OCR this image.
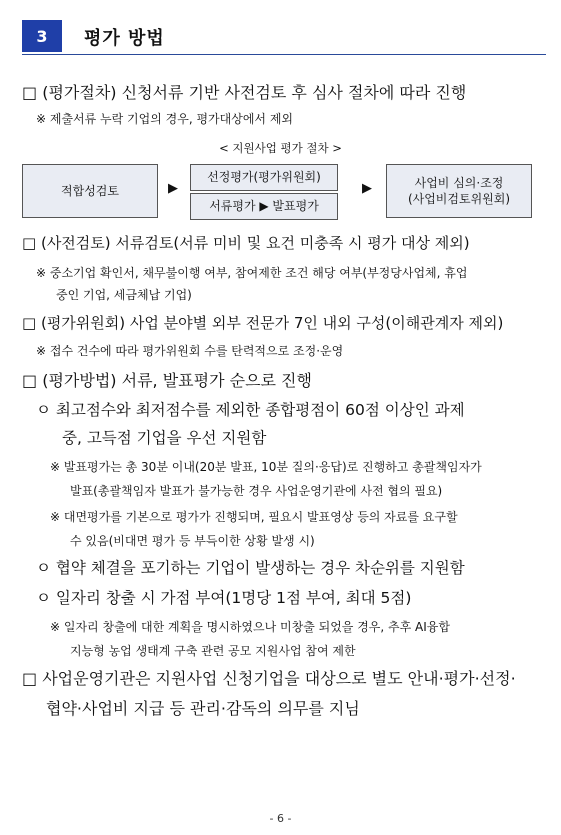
3	평가 방법
□ (평가절차) 신청서류 기반 사전검토 후 심사 절차에 따라 진행
※ 제출서류 누락 기업의 경우, 평가대상에서 제외
< 지원사업 평가 절차 >
적합성검토	▶
선정평가(평가위원회)
서류평가 ▶ 발표평가
▶	사업비 심의·조정
(사업비검토위원회)
□ (사전검토) 서류검토(서류 미비 및 요건 미충족 시 평가 대상 제외)
※ 중소기업 확인서, 채무불이행 여부, 참여제한 조건 해당 여부(부정당사업체, 휴업
중인 기업, 세금체납 기업)
□ (평가위원회) 사업 분야별 외부 전문가 7인 내외 구성(이해관계자 제외)
※ 접수 건수에 따라 평가위원회 수를 탄력적으로 조정·운영
□ (평가방법) 서류, 발표평가 순으로 진행
ㅇ 최고점수와 최저점수를 제외한 종합평점이 60점 이상인 과제
중, 고득점 기업을 우선 지원함
※ 발표평가는 총 30분 이내(20분 발표, 10분 질의·응답)로 진행하고 총괄책임자가
발표(총괄책임자 발표가 불가능한 경우 사업운영기관에 사전 협의 필요)
※ 대면평가를 기본으로 평가가 진행되며, 필요시 발표영상 등의 자료를 요구할
수 있음(비대면 평가 등 부득이한 상황 발생 시)
ㅇ 협약 체결을 포기하는 기업이 발생하는 경우 차순위를 지원함
ㅇ 일자리 창출 시 가점 부여(1명당 1점 부여, 최대 5점)
※ 일자리 창출에 대한 계획을 명시하였으나 미창출 되었을 경우, 추후 AI융합
지능형 농업 생태계 구축 관련 공모 지원사업 참여 제한
□ 사업운영기관은 지원사업 신청기업을 대상으로 별도 안내·평가·선정·
협약·사업비 지급 등 관리·감독의 의무를 지님
- 6 -
